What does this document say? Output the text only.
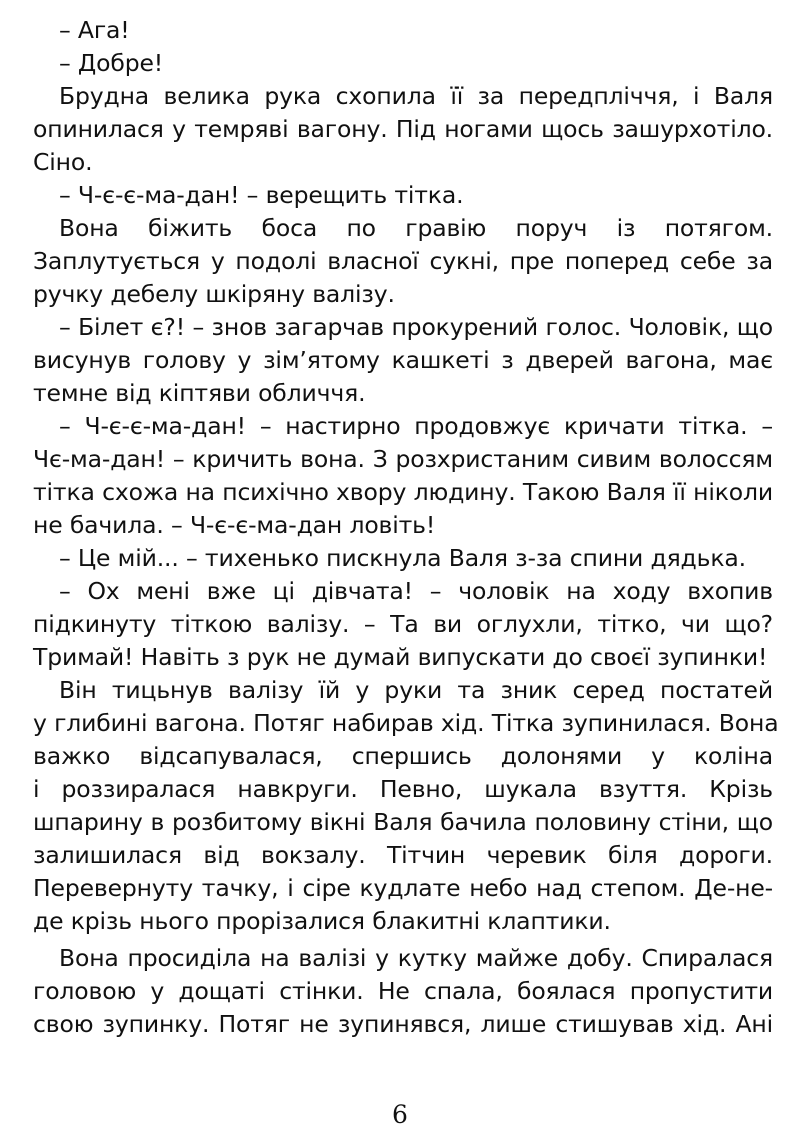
– Ага!
– Добре!
Брудна велика рука схопила її за передпліччя, і Валя
опинилася у темряві вагону. Під ногами щось зашурхотіло.
Сіно.
– Ч-є-є-ма-дан! – верещить тітка.
Вона біжить боса по гравію поруч із потягом.
Заплутується у подолі власної сукні, пре поперед себе за
ручку дебелу шкіряну валізу.
– Білет є?! – знов загарчав прокурений голос. Чоловік, що
висунув голову у зім’ятому кашкеті з дверей вагона, має
темне від кіптяви обличчя.
– Ч-є-є-ма-дан! – настирно продовжує кричати тітка. –
Чє-ма-дан! – кричить вона. З розхристаним сивим волоссям
тітка схожа на психічно хвору людину. Такою Валя її ніколи
не бачила. – Ч-є-є-ма-дан ловіть!
– Це мій... – тихенько пискнула Валя з-за спини дядька.
– Ох мені вже ці дівчата! – чоловік на ходу вхопив
підкинуту тіткою валізу. – Та ви оглухли, тітко, чи що?
Тримай! Навіть з рук не думай випускати до своєї зупинки!
Він тицьнув валізу їй у руки та зник серед постатей
у глибині вагона. Потяг набирав хід. Тітка зупинилася. Вона
важко відсапувалася, спершись долонями у коліна
і роззиралася навкруги. Певно, шукала взуття. Крізь
шпарину в розбитому вікні Валя бачила половину стіни, що
залишилася від вокзалу. Тітчин черевик біля дороги.
Перевернуту тачку, і сіре кудлате небо над степом. Де-не-
де крізь нього прорізалися блакитні клаптики.
Вона просиділа на валізі у кутку майже добу. Спиралася
головою у дощаті стінки. Не спала, боялася пропустити
свою зупинку. Потяг не зупинявся, лише стишував хід. Ані
6
